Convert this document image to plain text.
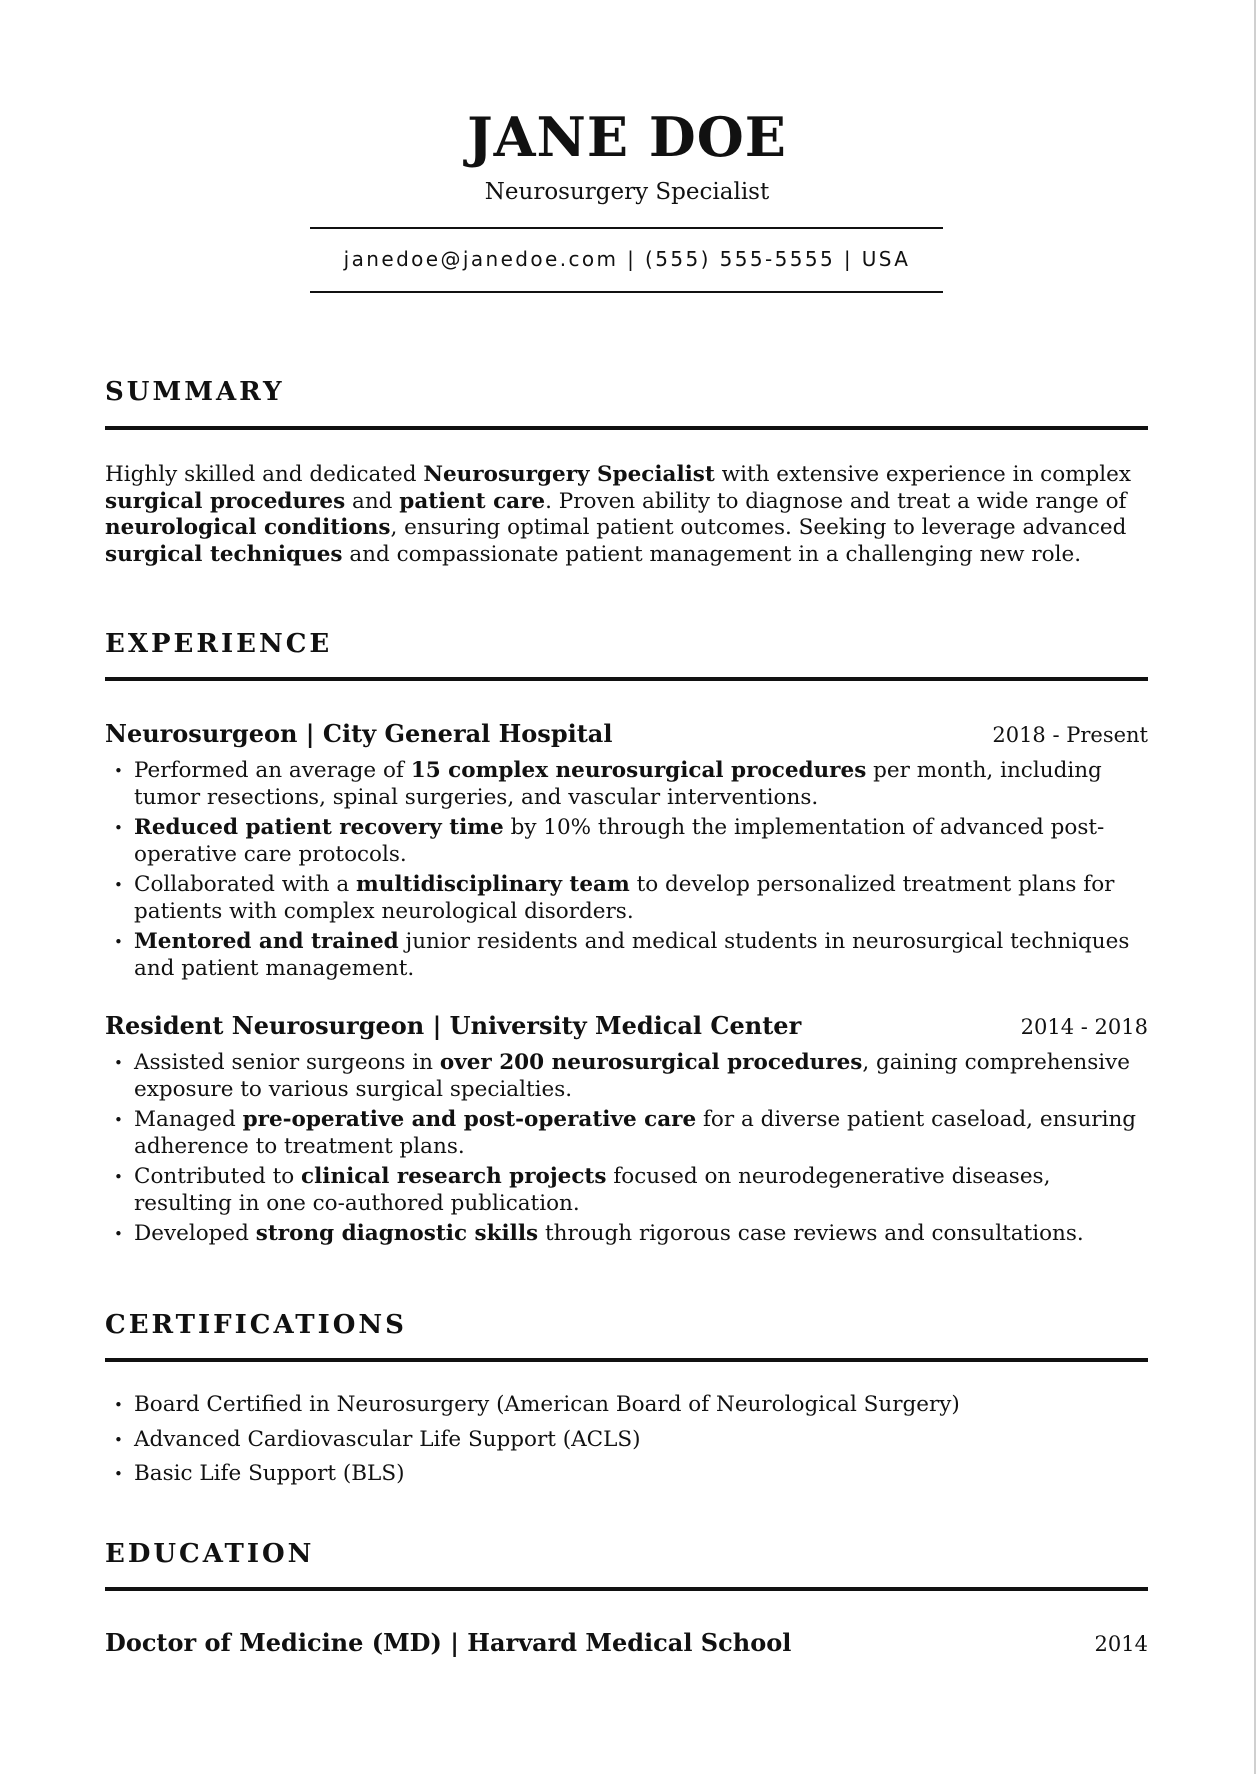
JANE DOE
Neurosurgery Specialist
janedoe@janedoe.com | (555) 555-5555 | USA
SUMMARY
Highly skilled and dedicated Neurosurgery Specialist with extensive experience in complex surgical procedures and patient care. Proven ability to diagnose and treat a wide range of neurological conditions, ensuring optimal patient outcomes. Seeking to leverage advanced surgical techniques and compassionate patient management in a challenging new role.
EXPERIENCE
Neurosurgeon | City General Hospital	2018 - Present
• Performed an average of 15 complex neurosurgical procedures per month, including tumor resections, spinal surgeries, and vascular interventions.
• Reduced patient recovery time by 10% through the implementation of advanced post-operative care protocols.
• Collaborated with a multidisciplinary team to develop personalized treatment plans for patients with complex neurological disorders.
• Mentored and trained junior residents and medical students in neurosurgical techniques and patient management.
Resident Neurosurgeon | University Medical Center	2014 - 2018
• Assisted senior surgeons in over 200 neurosurgical procedures, gaining comprehensive exposure to various surgical specialties.
• Managed pre-operative and post-operative care for a diverse patient caseload, ensuring adherence to treatment plans.
• Contributed to clinical research projects focused on neurodegenerative diseases, resulting in one co-authored publication.
• Developed strong diagnostic skills through rigorous case reviews and consultations.
CERTIFICATIONS
• Board Certified in Neurosurgery (American Board of Neurological Surgery)
• Advanced Cardiovascular Life Support (ACLS)
• Basic Life Support (BLS)
EDUCATION
Doctor of Medicine (MD) | Harvard Medical School	2014
